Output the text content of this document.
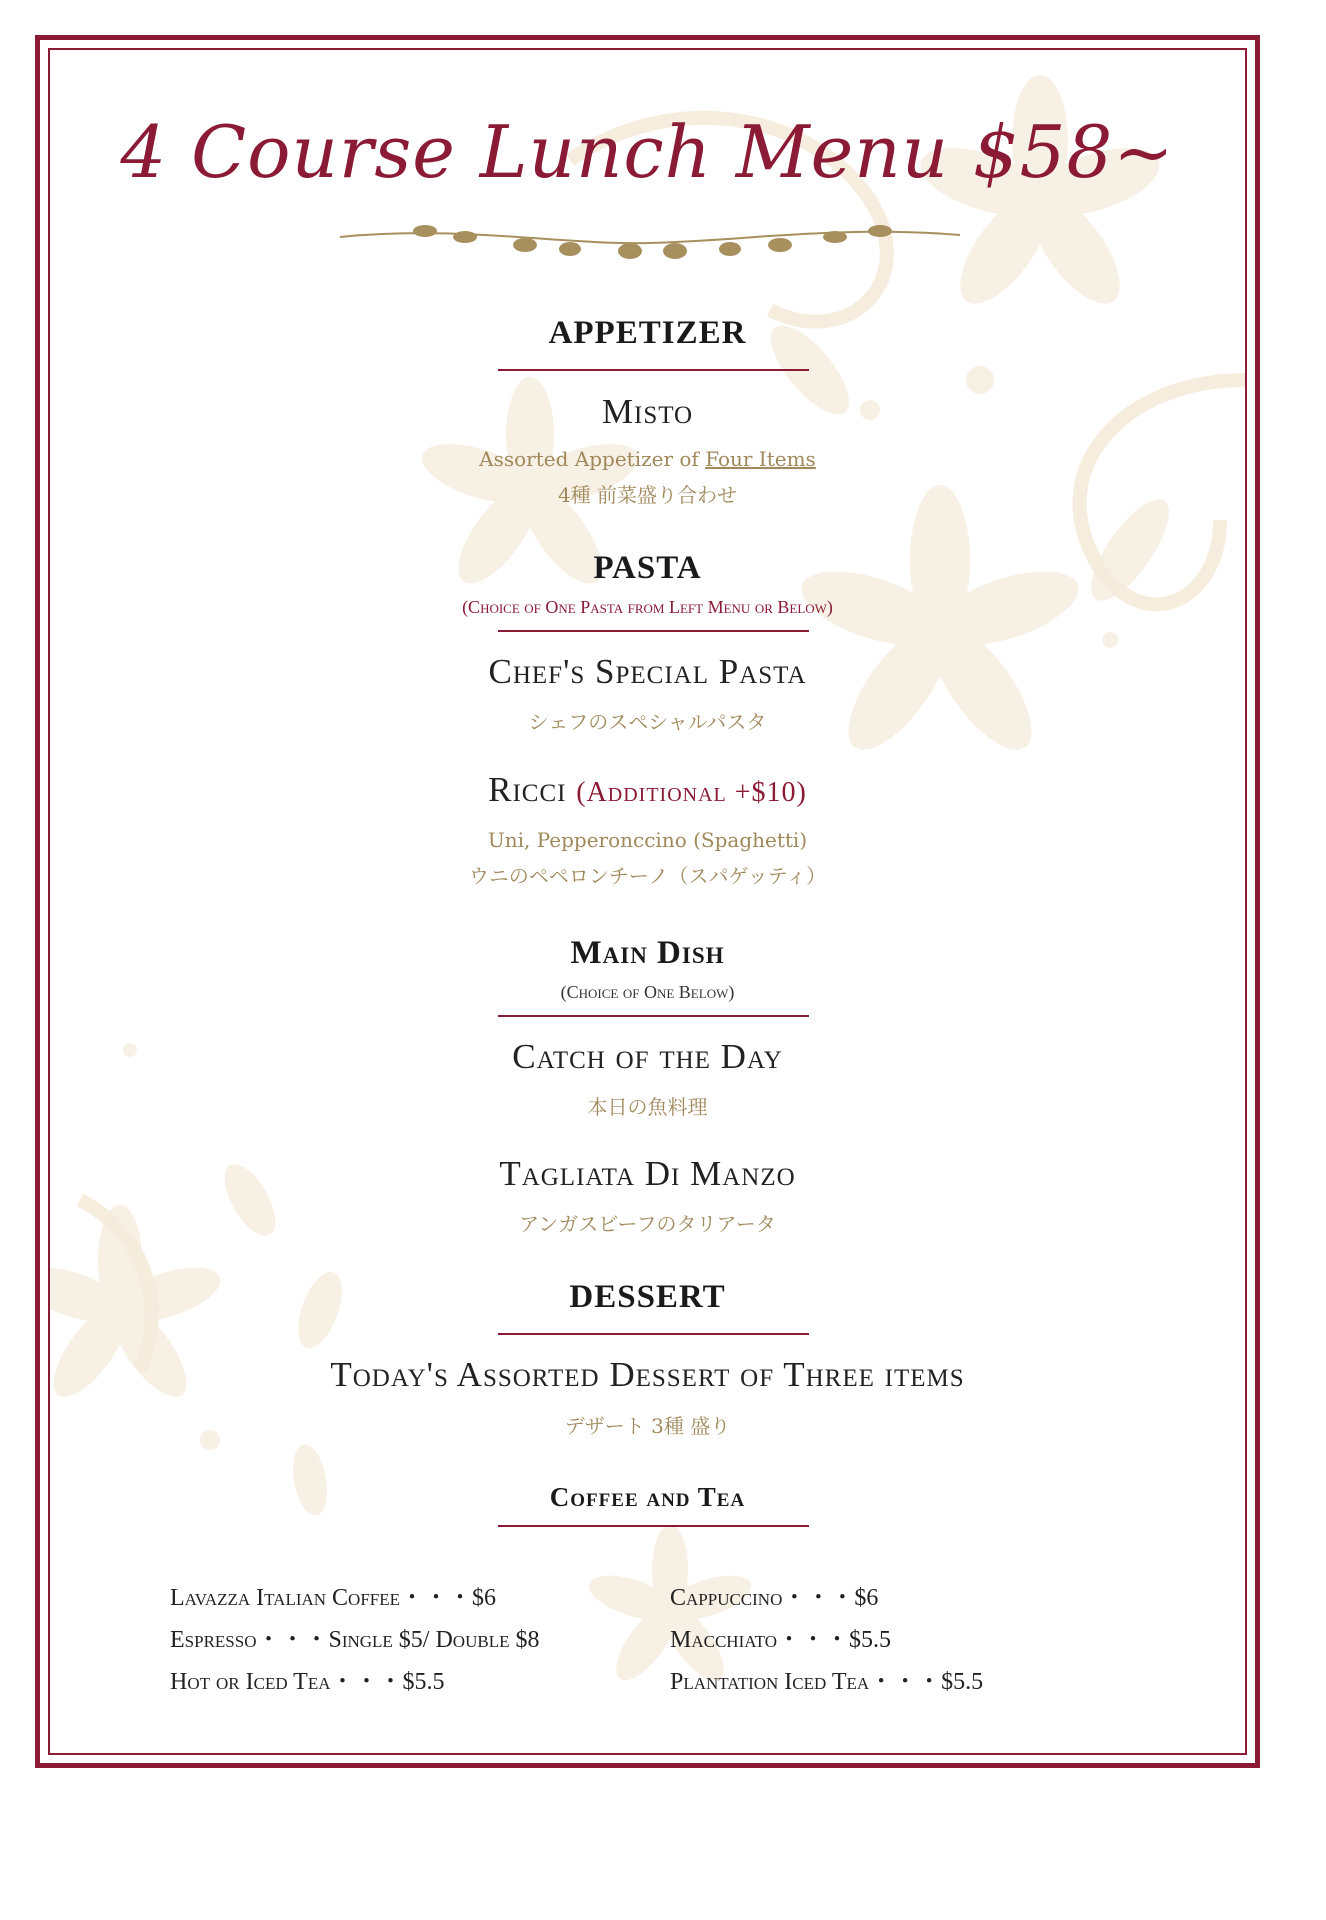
4 Course Lunch Menu $58~
APPETIZER
Misto
Assorted Appetizer of Four Items
4種 前菜盛り合わせ
PASTA
(Choice of One Pasta from Left Menu or Below)
Chef's Special Pasta
シェフのスペシャルパスタ
Ricci (Additional +$10)
Uni, Pepperonccino (Spaghetti)
ウニのペペロンチーノ（スパゲッティ）
Main Dish
(Choice of One Below)
Catch of the Day
本日の魚料理
Tagliata Di Manzo
アンガスビーフのタリアータ
DESSERT
Today's Assorted Dessert of Three items
デザート 3種 盛り
Coffee and Tea
Lavazza Italian Coffee・・・$6
Espresso・・・Single $5/ Double $8
Hot or Iced Tea・・・$5.5
Cappuccino・・・$6
Macchiato・・・$5.5
Plantation Iced Tea・・・$5.5
